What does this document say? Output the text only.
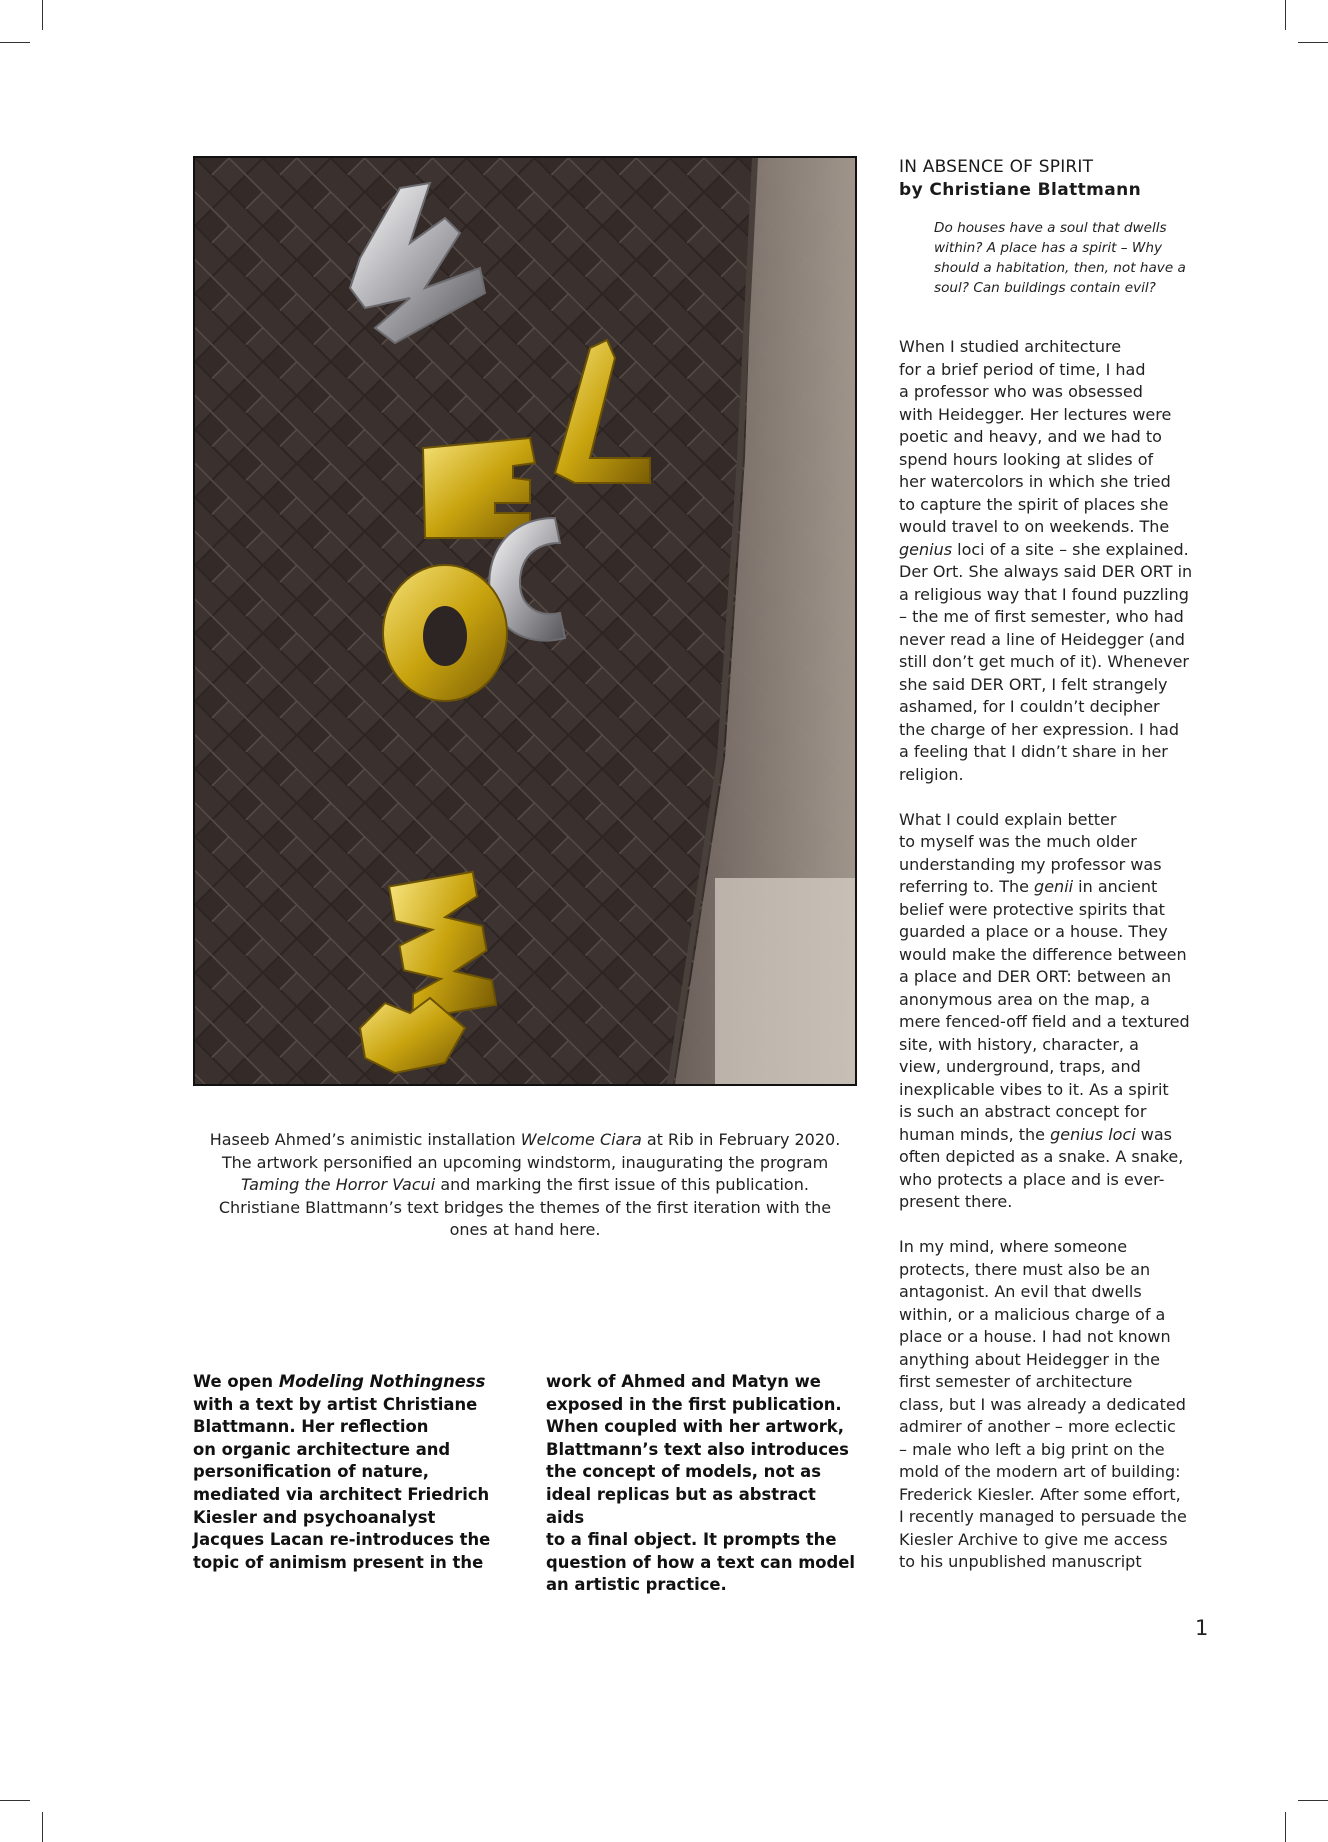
Haseeb Ahmed’s animistic installation Welcome Ciara at Rib in February 2020.

The artwork personified an upcoming windstorm, inaugurating the program

Taming the Horror Vacui and marking the first issue of this publication.

Christiane Blattmann’s text bridges the themes of the first iteration with the

ones at hand here.

IN ABSENCE OF SPIRIT
by Christiane Blattmann
Do houses have a soul that dwells
within? A place has a spirit – Why
should a habitation, then, not have a
soul? Can buildings contain evil?

When I studied architecture
for a brief period of time, I had
a professor who was obsessed
with Heidegger. Her lectures were
poetic and heavy, and we had to
spend hours looking at slides of
her watercolors in which she tried
to capture the spirit of places she
would travel to on weekends. The
genius loci of a site – she explained.
Der Ort. She always said DER ORT in
a religious way that I found puzzling
– the me of first semester, who had
never read a line of Heidegger (and
still don’t get much of it). Whenever
she said DER ORT, I felt strangely
ashamed, for I couldn’t decipher
the charge of her expression. I had
a feeling that I didn’t share in her
religion.

What I could explain better
to myself was the much older
understanding my professor was
referring to. The genii in ancient
belief were protective spirits that
guarded a place or a house. They
would make the difference between
a place and DER ORT: between an
anonymous area on the map, a
mere fenced-off field and a textured
site, with history, character, a
view, underground, traps, and
inexplicable vibes to it. As a spirit
is such an abstract concept for
human minds, the genius loci was
often depicted as a snake. A snake,
who protects a place and is ever-
present there.

In my mind, where someone
protects, there must also be an
antagonist. An evil that dwells
within, or a malicious charge of a
place or a house. I had not known
anything about Heidegger in the
first semester of architecture
class, but I was already a dedicated
admirer of another – more eclectic
– male who left a big print on the
mold of the modern art of building:
Frederick Kiesler. After some effort,
I recently managed to persuade the
Kiesler Archive to give me access
to his unpublished manuscript

We open Modeling Nothingness

with a text by artist Christiane

Blattmann. Her reflection

on organic architecture and

personification of nature,

mediated via architect Friedrich

Kiesler and psychoanalyst

Jacques Lacan re-introduces the

topic of animism present in the

work of Ahmed and Matyn we

exposed in the first publication.

When coupled with her artwork,

Blattmann’s text also introduces

the concept of models, not as

ideal replicas but as abstract aids

to a final object. It prompts the

question of how a text can model

an artistic practice.

1
